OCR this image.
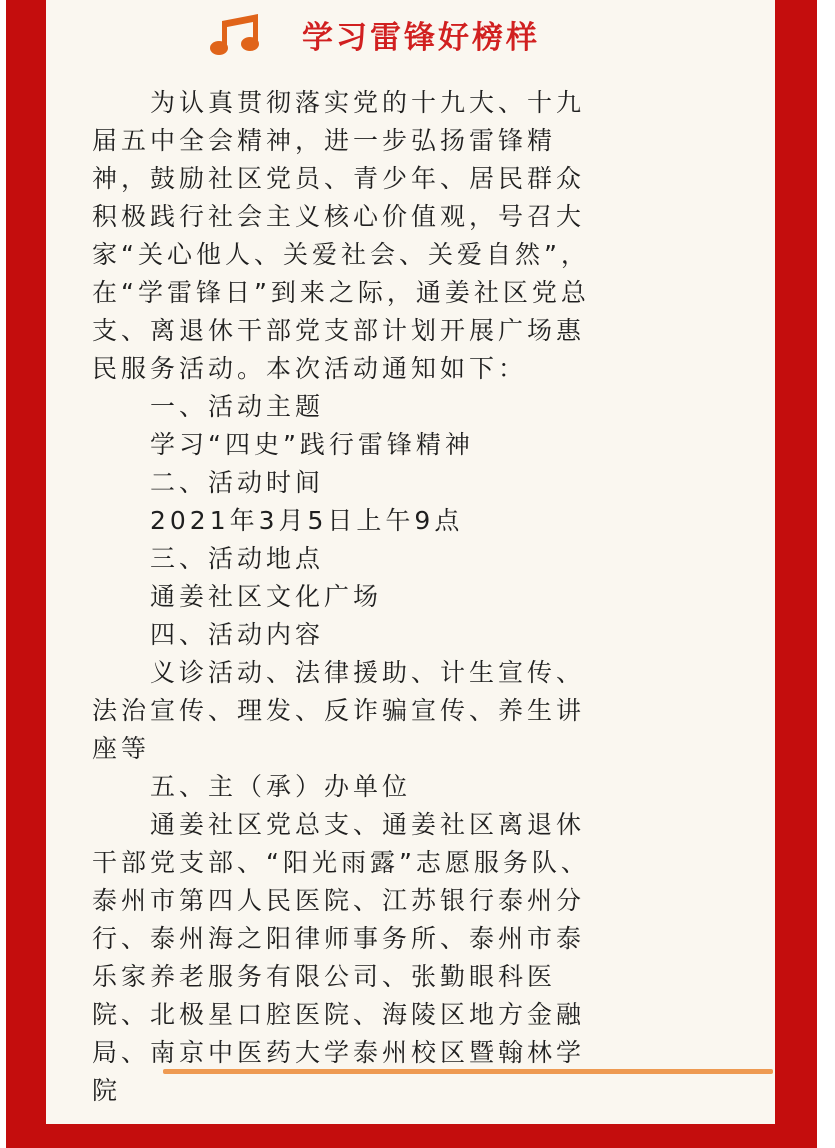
学习雷锋好榜样
　　为认真贯彻落实党的十九大、十九
届五中全会精神，进一步弘扬雷锋精
神，鼓励社区党员、青少年、居民群众
积极践行社会主义核心价值观，号召大
家“关心他人、关爱社会、关爱自然”，
在“学雷锋日”到来之际，通姜社区党总
支、离退休干部党支部计划开展广场惠
民服务活动。本次活动通知如下：
　　一、活动主题
　　学习“四史”践行雷锋精神
　　二、活动时间
　　2021年3月5日上午9点
　　三、活动地点
　　通姜社区文化广场
　　四、活动内容
　　义诊活动、法律援助、计生宣传、
法治宣传、理发、反诈骗宣传、养生讲
座等
　　五、主（承）办单位
　　通姜社区党总支、通姜社区离退休
干部党支部、“阳光雨露”志愿服务队、
泰州市第四人民医院、江苏银行泰州分
行、泰州海之阳律师事务所、泰州市泰
乐家养老服务有限公司、张勤眼科医
院、北极星口腔医院、海陵区地方金融
局、南京中医药大学泰州校区暨翰林学
院
